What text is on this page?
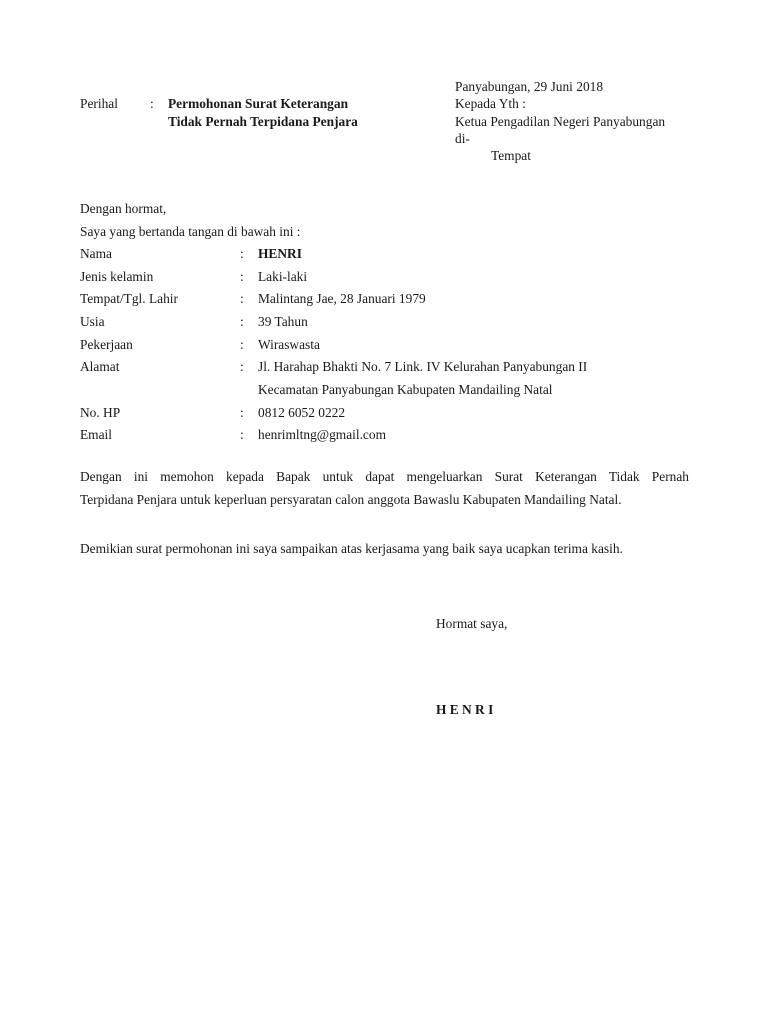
Panyabungan, 29 Juni 2018
Kepada Yth :
Ketua Pengadilan Negeri Panyabungan
di-
Tempat
Perihal : Permohonan Surat Keterangan
Tidak Pernah Terpidana Penjara
Dengan hormat,
Saya yang bertanda tangan di bawah ini :
Nama	: HENRI
Jenis kelamin	: Laki-laki
Tempat/Tgl. Lahir	: Malintang Jae, 28 Januari 1979
Usia	: 39 Tahun
Pekerjaan	: Wiraswasta
Alamat	: Jl. Harahap Bhakti No. 7 Link. IV Kelurahan Panyabungan II
Kecamatan Panyabungan Kabupaten Mandailing Natal
No. HP	: 0812 6052 0222
Email	: henrimltng@gmail.com

Dengan ini memohon kepada Bapak untuk dapat mengeluarkan Surat Keterangan Tidak Pernah
Terpidana Penjara untuk keperluan persyaratan calon anggota Bawaslu Kabupaten Mandailing Natal.

Demikian surat permohonan ini saya sampaikan atas kerjasama yang baik saya ucapkan terima kasih.
Hormat saya,
H E N R I
